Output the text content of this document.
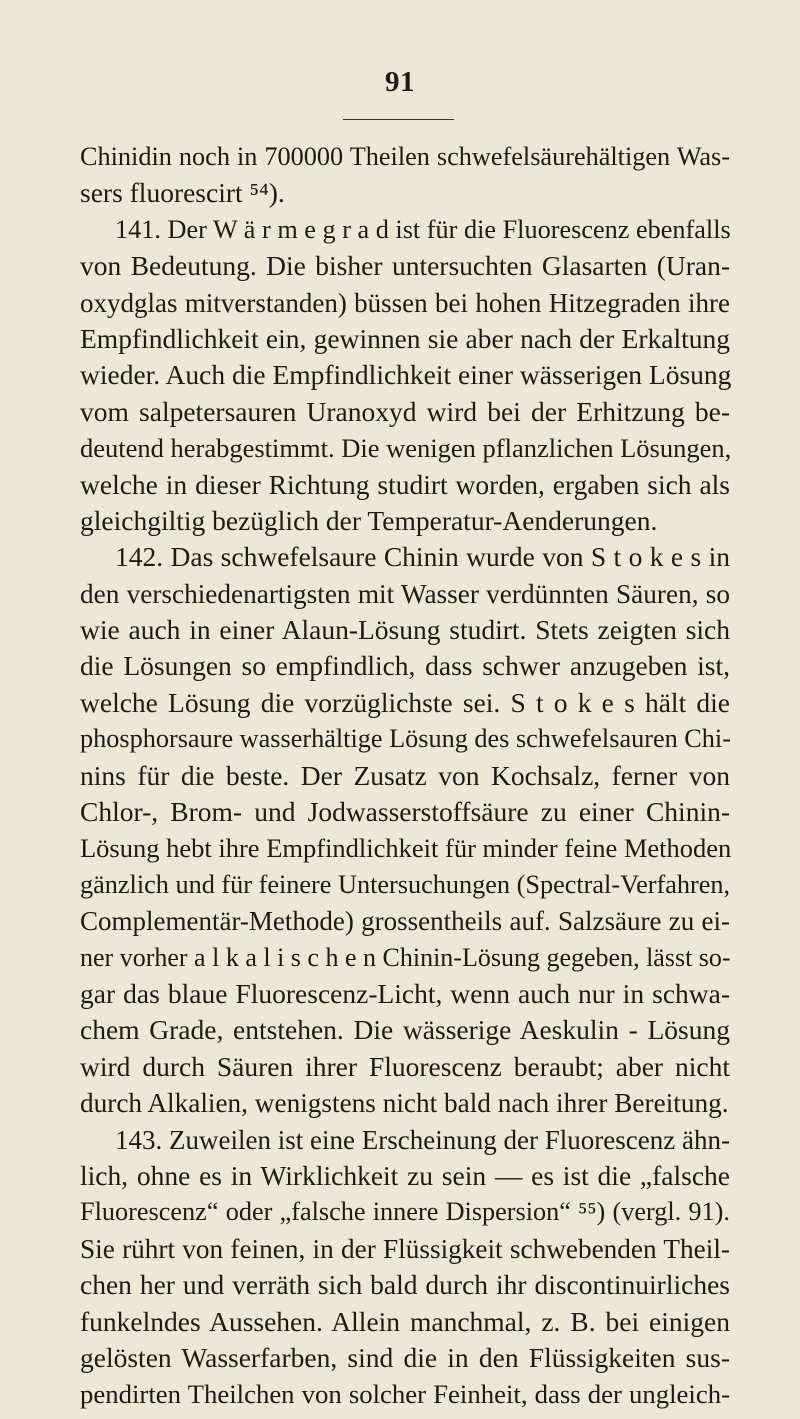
91
Chinidin noch in 700000 Theilen schwefelsäurehältigen Was-
sers fluorescirt ⁵⁴).
141. Der W ä r m e g r a d ist für die Fluorescenz ebenfalls
von Bedeutung. Die bisher untersuchten Glasarten (Uran-
oxydglas mitverstanden) büssen bei hohen Hitzegraden ihre
Empfindlichkeit ein, gewinnen sie aber nach der Erkaltung
wieder. Auch die Empfindlichkeit einer wässerigen Lösung
vom salpetersauren Uranoxyd wird bei der Erhitzung be-
deutend herabgestimmt. Die wenigen pflanzlichen Lösungen,
welche in dieser Richtung studirt worden, ergaben sich als
gleichgiltig bezüglich der Temperatur-Aenderungen.
142. Das schwefelsaure Chinin wurde von S t o k e s in
den verschiedenartigsten mit Wasser verdünnten Säuren, so
wie auch in einer Alaun-Lösung studirt. Stets zeigten sich
die Lösungen so empfindlich, dass schwer anzugeben ist,
welche Lösung die vorzüglichste sei. S t o k e s hält die
phosphorsaure wasserhältige Lösung des schwefelsauren Chi-
nins für die beste. Der Zusatz von Kochsalz, ferner von
Chlor-, Brom- und Jodwasserstoffsäure zu einer Chinin-
Lösung hebt ihre Empfindlichkeit für minder feine Methoden
gänzlich und für feinere Untersuchungen (Spectral-Verfahren,
Complementär-Methode) grossentheils auf. Salzsäure zu ei-
ner vorher a l k a l i s c h e n Chinin-Lösung gegeben, lässt so-
gar das blaue Fluorescenz-Licht, wenn auch nur in schwa-
chem Grade, entstehen. Die wässerige Aeskulin - Lösung
wird durch Säuren ihrer Fluorescenz beraubt; aber nicht
durch Alkalien, wenigstens nicht bald nach ihrer Bereitung.
143. Zuweilen ist eine Erscheinung der Fluorescenz ähn-
lich, ohne es in Wirklichkeit zu sein — es ist die „falsche
Fluorescenz“ oder „falsche innere Dispersion“ ⁵⁵) (vergl. 91).
Sie rührt von feinen, in der Flüssigkeit schwebenden Theil-
chen her und verräth sich bald durch ihr discontinuirliches
funkelndes Aussehen. Allein manchmal, z. B. bei einigen
gelösten Wasserfarben, sind die in den Flüssigkeiten sus-
pendirten Theilchen von solcher Feinheit, dass der ungleich-
